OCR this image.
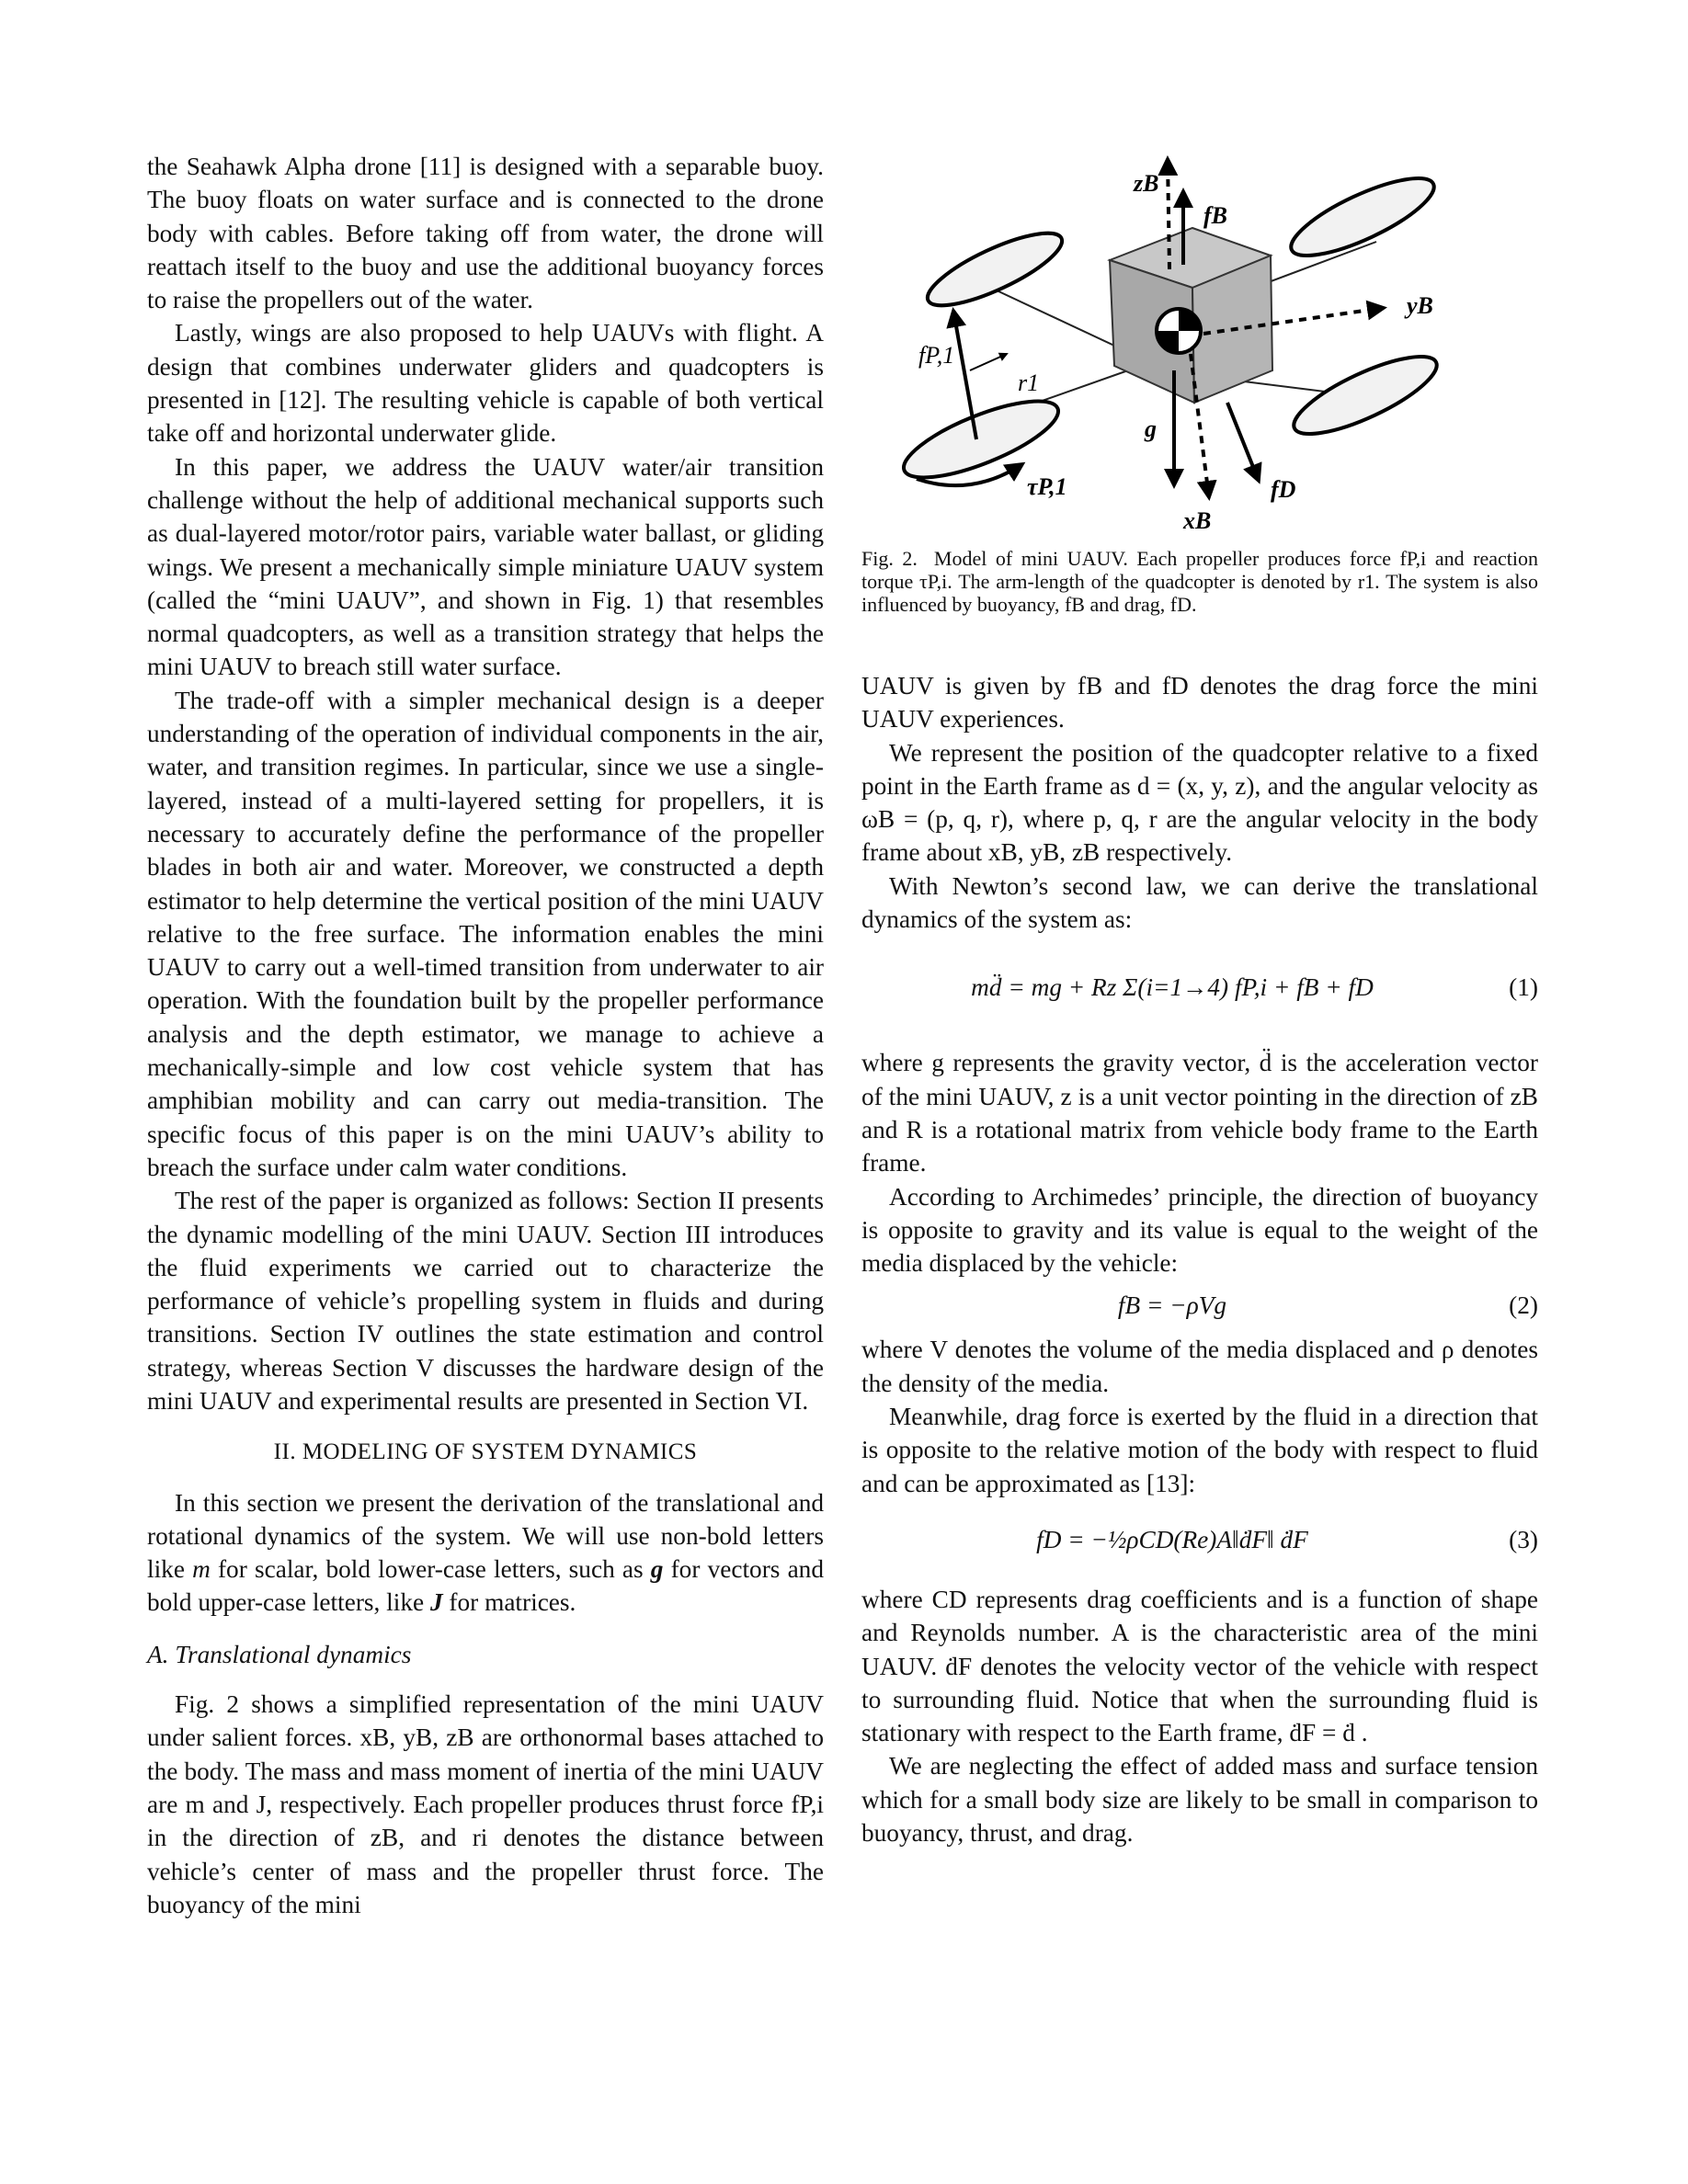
the Seahawk Alpha drone [11] is designed with a separable buoy. The buoy floats on water surface and is connected to the drone body with cables. Before taking off from water, the drone will reattach itself to the buoy and use the additional buoyancy forces to raise the propellers out of the water.

Lastly, wings are also proposed to help UAUVs with flight. A design that combines underwater gliders and quadcopters is presented in [12]. The resulting vehicle is capable of both vertical take off and horizontal underwater glide.

In this paper, we address the UAUV water/air transition challenge without the help of additional mechanical supports such as dual-layered motor/rotor pairs, variable water ballast, or gliding wings. We present a mechanically simple miniature UAUV system (called the “mini UAUV”, and shown in Fig. 1) that resembles normal quadcopters, as well as a transition strategy that helps the mini UAUV to breach still water surface.

The trade-off with a simpler mechanical design is a deeper understanding of the operation of individual components in the air, water, and transition regimes. In particular, since we use a single-layered, instead of a multi-layered setting for propellers, it is necessary to accurately define the performance of the propeller blades in both air and water. Moreover, we constructed a depth estimator to help determine the vertical position of the mini UAUV relative to the free surface. The information enables the mini UAUV to carry out a well-timed transition from underwater to air operation. With the foundation built by the propeller performance analysis and the depth estimator, we manage to achieve a mechanically-simple and low cost vehicle system that has amphibian mobility and can carry out media-transition. The specific focus of this paper is on the mini UAUV’s ability to breach the surface under calm water conditions.

The rest of the paper is organized as follows: Section II presents the dynamic modelling of the mini UAUV. Section III introduces the fluid experiments we carried out to characterize the performance of vehicle’s propelling system in fluids and during transitions. Section IV outlines the state estimation and control strategy, whereas Section V discusses the hardware design of the mini UAUV and experimental results are presented in Section VI.

II. MODELING OF SYSTEM DYNAMICS

In this section we present the derivation of the translational and rotational dynamics of the system. We will use non-bold letters like m for scalar, bold lower-case letters, such as g for vectors and bold upper-case letters, like J for matrices.

A. Translational dynamics

Fig. 2 shows a simplified representation of the mini UAUV under salient forces. xB, yB, zB are orthonormal bases attached to the body. The mass and mass moment of inertia of the mini UAUV are m and J, respectively. Each propeller produces thrust force fP,i in the direction of zB, and ri denotes the distance between vehicle’s center of mass and the propeller thrust force. The buoyancy of the mini

zB
fB
yB
fP,1
r1
g
τP,1
xB
fD
Fig. 2. Model of mini UAUV. Each propeller produces force fP,i and reaction torque τP,i. The arm-length of the quadcopter is denoted by r1. The system is also influenced by buoyancy, fB and drag, fD.

UAUV is given by fB and fD denotes the drag force the mini UAUV experiences.

We represent the position of the quadcopter relative to a fixed point in the Earth frame as d = (x, y, z), and the angular velocity as ωB = (p, q, r), where p, q, r are the angular velocity in the body frame about xB, yB, zB respectively.

With Newton’s second law, we can derive the translational dynamics of the system as:

md̈ = mg + Rz Σ(i=1→4) fP,i + fB + fD	(1)

where g represents the gravity vector, d̈ is the acceleration vector of the mini UAUV, z is a unit vector pointing in the direction of zB and R is a rotational matrix from vehicle body frame to the Earth frame.

According to Archimedes’ principle, the direction of buoyancy is opposite to gravity and its value is equal to the weight of the media displaced by the vehicle:

fB = −ρVg	(2)

where V denotes the volume of the media displaced and ρ denotes the density of the media.

Meanwhile, drag force is exerted by the fluid in a direction that is opposite to the relative motion of the body with respect to fluid and can be approximated as [13]:

fD = −½ρCD(Re)A‖ḋF‖ ḋF	(3)

where CD represents drag coefficients and is a function of shape and Reynolds number. A is the characteristic area of the mini UAUV. ḋF denotes the velocity vector of the vehicle with respect to surrounding fluid. Notice that when the surrounding fluid is stationary with respect to the Earth frame, ḋF = ḋ .

We are neglecting the effect of added mass and surface tension which for a small body size are likely to be small in comparison to buoyancy, thrust, and drag.
